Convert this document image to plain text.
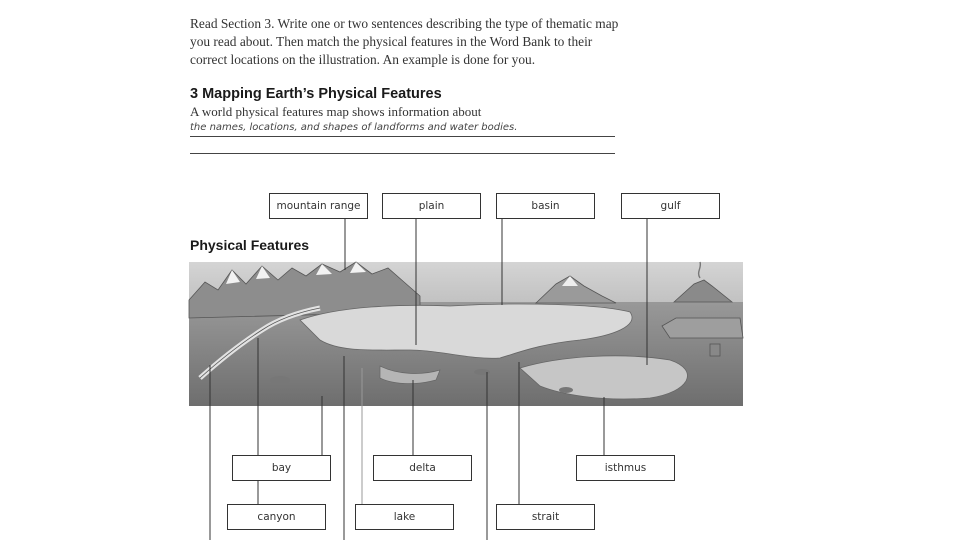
Read Section 3. Write one or two sentences describing the type of thematic map
you read about. Then match the physical features in the Word Bank to their
correct locations on the illustration. An example is done for you.
3 Mapping Earth’s Physical Features
A world physical features map shows information about
the names, locations, and shapes of landforms and water bodies.
Physical Features
mountain range	plain	basin	gulf
bay	delta	isthmus
canyon	lake	strait
